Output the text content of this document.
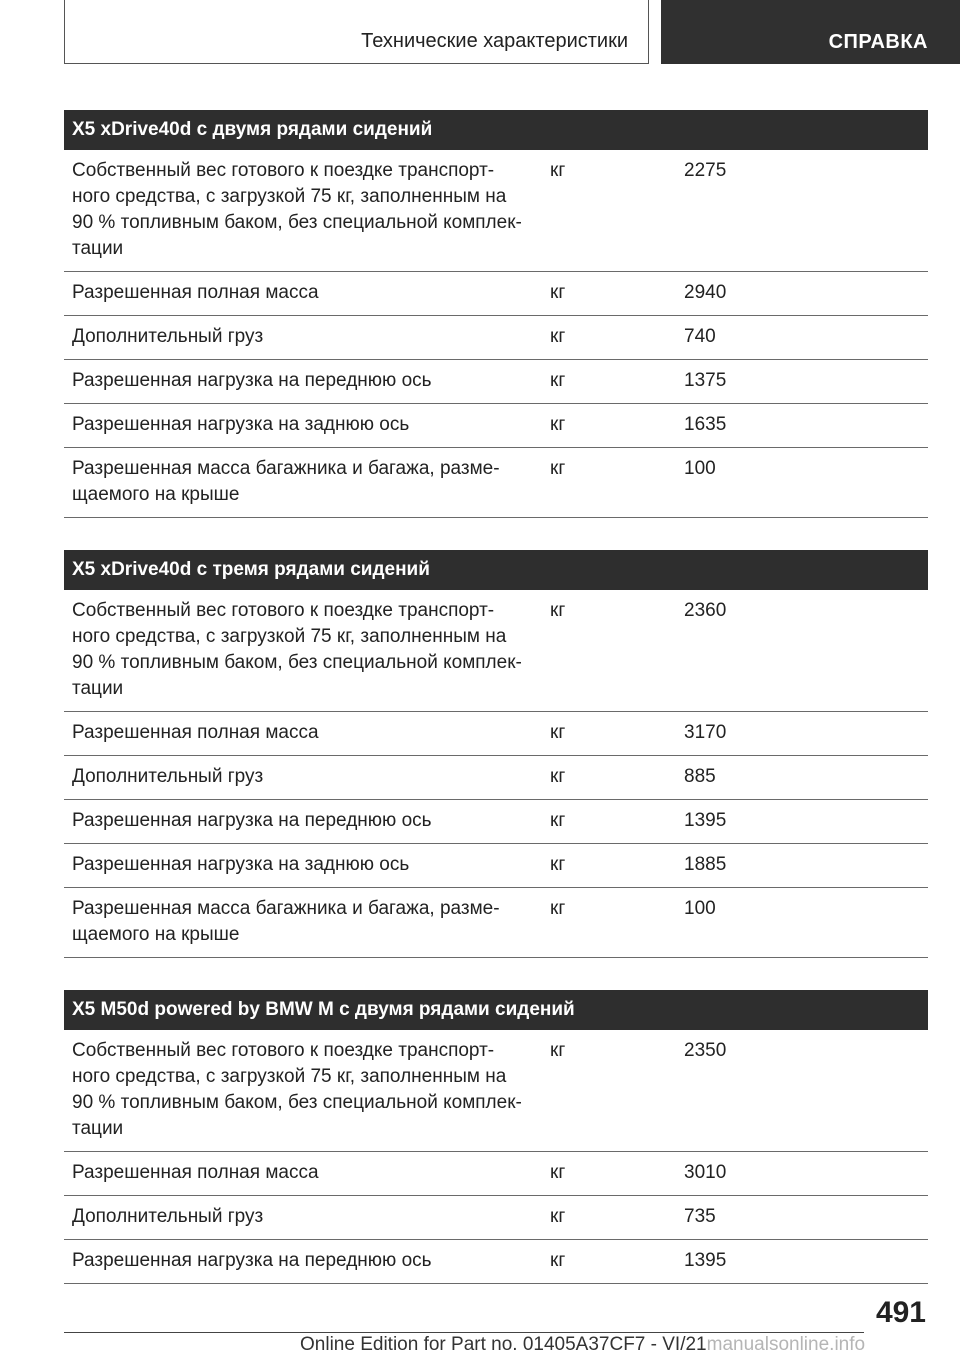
Технические характеристики	СПРАВКА
X5 xDrive40d с двумя рядами сидений		
Собственный вес готового к поездке транспорт-
ного средства, с загрузкой 75 кг, заполненным на
90 % топливным баком, без специальной комплек-
тации	кг	2275
Разрешенная полная масса	кг	2940
Дополнительный груз	кг	740
Разрешенная нагрузка на переднюю ось	кг	1375
Разрешенная нагрузка на заднюю ось	кг	1635
Разрешенная масса багажника и багажа, разме-
щаемого на крыше	кг	100
X5 xDrive40d с тремя рядами сидений		
Собственный вес готового к поездке транспорт-
ного средства, с загрузкой 75 кг, заполненным на
90 % топливным баком, без специальной комплек-
тации	кг	2360
Разрешенная полная масса	кг	3170
Дополнительный груз	кг	885
Разрешенная нагрузка на переднюю ось	кг	1395
Разрешенная нагрузка на заднюю ось	кг	1885
Разрешенная масса багажника и багажа, разме-
щаемого на крыше	кг	100
X5 M50d powered by BMW M с двумя рядами сидений		
Собственный вес готового к поездке транспорт-
ного средства, с загрузкой 75 кг, заполненным на
90 % топливным баком, без специальной комплек-
тации	кг	2350
Разрешенная полная масса	кг	3010
Дополнительный груз	кг	735
Разрешенная нагрузка на переднюю ось	кг	1395
491
Online Edition for Part no. 01405A37CF7 - VI/21manualsonline.info
